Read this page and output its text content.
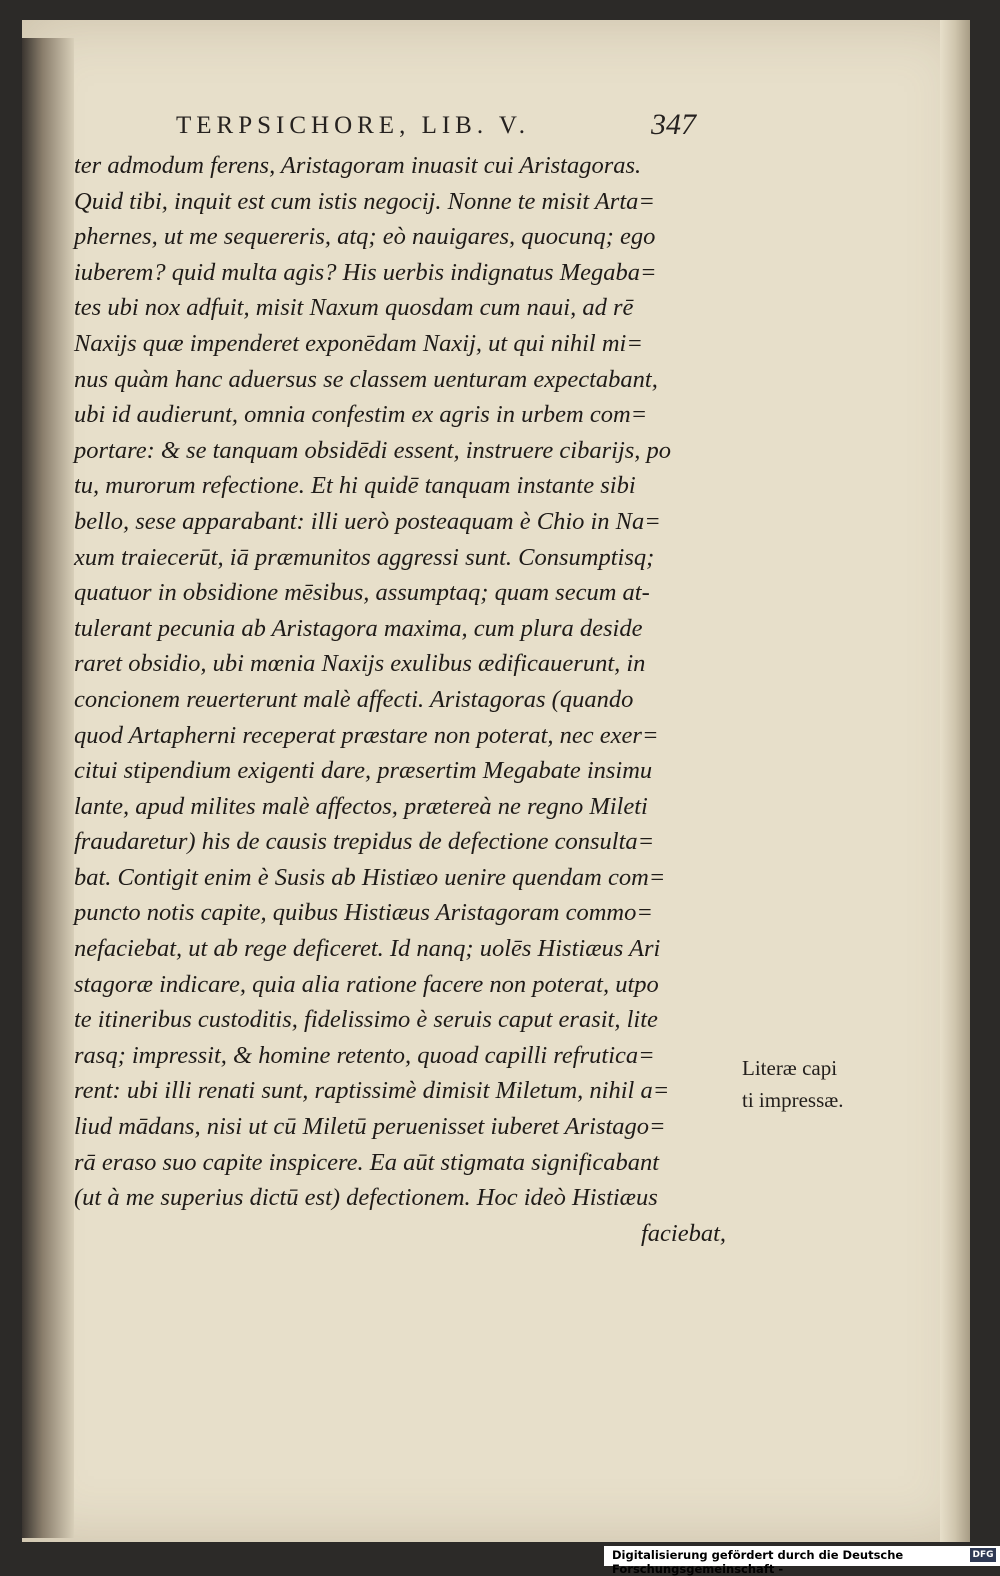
TERPSICHORE, LIB. V.	347
ter admodum ferens, Aristagoram inuasit cui Aristagoras.
Quid tibi, inquit est cum istis negocij. Nonne te misit Arta=
phernes, ut me sequereris, atq; eò nauigares, quocunq; ego
iuberem? quid multa agis? His uerbis indignatus Megaba=
tes ubi nox adfuit, misit Naxum quosdam cum naui, ad rē
Naxijs quæ impenderet exponēdam Naxij, ut qui nihil mi=
nus quàm hanc aduersus se classem uenturam expectabant,
ubi id audierunt, omnia confestim ex agris in urbem com=
portare: & se tanquam obsidēdi essent, instruere cibarijs, po
tu, murorum refectione. Et hi quidē tanquam instante sibi
bello, sese apparabant: illi uerò posteaquam è Chio in Na=
xum traiecerūt, iā præmunitos aggressi sunt. Consumptisq;
quatuor in obsidione mēsibus, assumptaq; quam secum at-
tulerant pecunia ab Aristagora maxima, cum plura deside
raret obsidio, ubi mœnia Naxijs exulibus ædificauerunt, in
concionem reuerterunt malè affecti. Aristagoras (quando
quod Artapherni receperat præstare non poterat, nec exer=
citui stipendium exigenti dare, præsertim Megabate insimu
lante, apud milites malè affectos, prætereà ne regno Mileti
fraudaretur) his de causis trepidus de defectione consulta=
bat. Contigit enim è Susis ab Histiæo uenire quendam com=
puncto notis capite, quibus Histiæus Aristagoram commo=
nefaciebat, ut ab rege deficeret. Id nanq; uolēs Histiæus Ari
stagoræ indicare, quia alia ratione facere non poterat, utpo
te itineribus custoditis, fidelissimo è seruis caput erasit, lite
rasq; impressit, & homine retento, quoad capilli refrutica=
rent: ubi illi renati sunt, raptissimè dimisit Miletum, nihil a=
liud mādans, nisi ut cū Miletū peruenisset iuberet Aristago=
rā eraso suo capite inspicere. Ea aūt stigmata significabant
(ut à me superius dictū est) defectionem. Hoc ideò Histiæus
faciebat,
Literæ capi
ti impressæ.
Digitalisierung gefördert durch die Deutsche Forschungsgemeinschaft -
DFG
